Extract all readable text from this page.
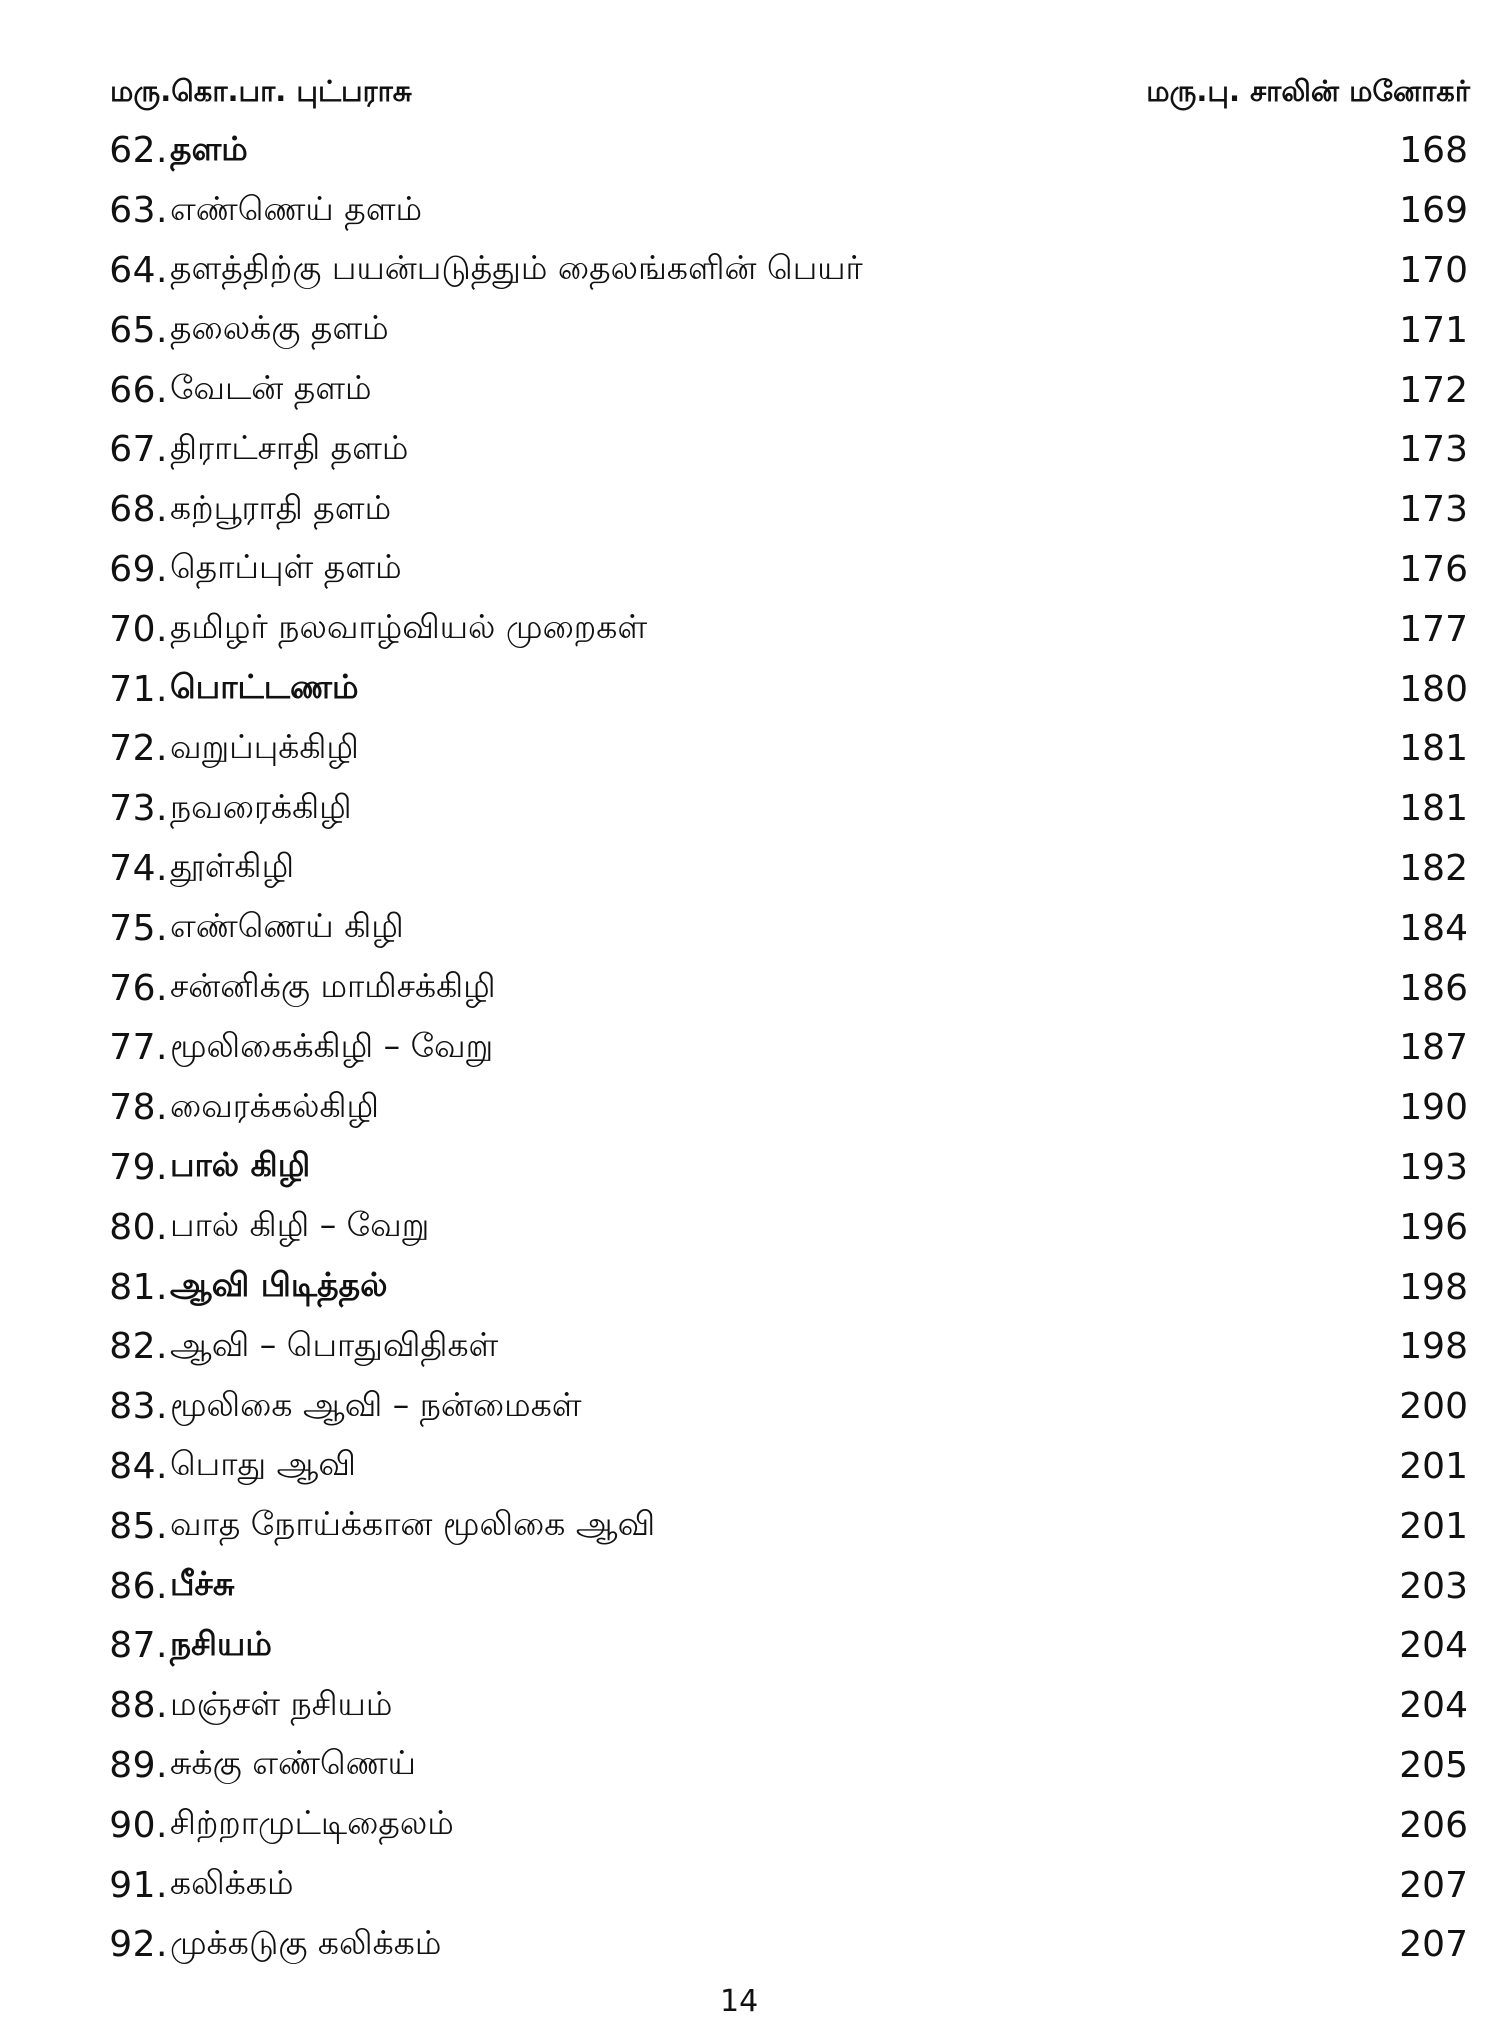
மரு.கொ.பா. புட்பராசு	மரு.பு. சாலின் மனோகர்
62. தளம்	168
63. எண்ணெய் தளம்	169
64. தளத்திற்கு பயன்படுத்தும் தைலங்களின் பெயர்	170
65. தலைக்கு தளம்	171
66. வேடன் தளம்	172
67. திராட்சாதி தளம்	173
68. கற்பூராதி தளம்	173
69. தொப்புள் தளம்	176
70. தமிழர் நலவாழ்வியல் முறைகள்	177
71. பொட்டணம்	180
72. வறுப்புக்கிழி	181
73. நவரைக்கிழி	181
74. தூள்கிழி	182
75. எண்ணெய் கிழி	184
76. சன்னிக்கு மாமிசக்கிழி	186
77. மூலிகைக்கிழி – வேறு	187
78. வைரக்கல்கிழி	190
79. பால் கிழி	193
80. பால் கிழி – வேறு	196
81. ஆவி பிடித்தல்	198
82. ஆவி – பொதுவிதிகள்	198
83. மூலிகை ஆவி – நன்மைகள்	200
84. பொது ஆவி	201
85. வாத நோய்க்கான மூலிகை ஆவி	201
86. பீச்சு	203
87. நசியம்	204
88. மஞ்சள் நசியம்	204
89. சுக்கு எண்ணெய்	205
90. சிற்றாமுட்டிதைலம்	206
91. கலிக்கம்	207
92. முக்கடுகு கலிக்கம்	207
14
